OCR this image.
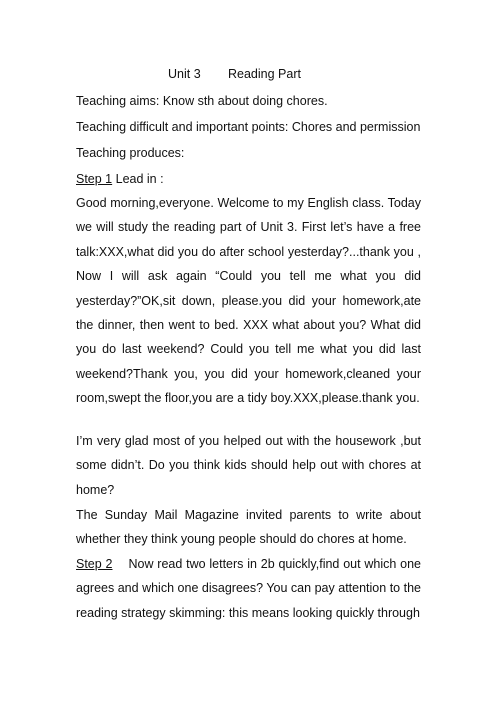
Unit 3 Reading Part
Teaching aims: Know sth about doing chores.
Teaching difficult and important points: Chores and permission
Teaching produces:
Step 1 Lead in :
Good morning,everyone. Welcome to my English class. Today we will study the reading part of Unit 3. First let’s have a free talk:XXX,what did you do after school yesterday?...thank you , Now I will ask again “Could you tell me what you did yesterday?”OK,sit down, please.you did your homework,ate the dinner, then went to bed. XXX what about you? What did you do last weekend? Could you tell me what you did last weekend?Thank you, you did your homework,cleaned your room,swept the floor,you are a tidy boy.XXX,please.thank you.
I’m very glad most of you helped out with the housework ,but some didn’t. Do you think kids should help out with chores at home?
The Sunday Mail Magazine invited parents to write about whether they think young people should do chores at home.
Step 2 Now read two letters in 2b quickly,find out which one agrees and which one disagrees? You can pay attention to the reading strategy skimming: this means looking quickly through
